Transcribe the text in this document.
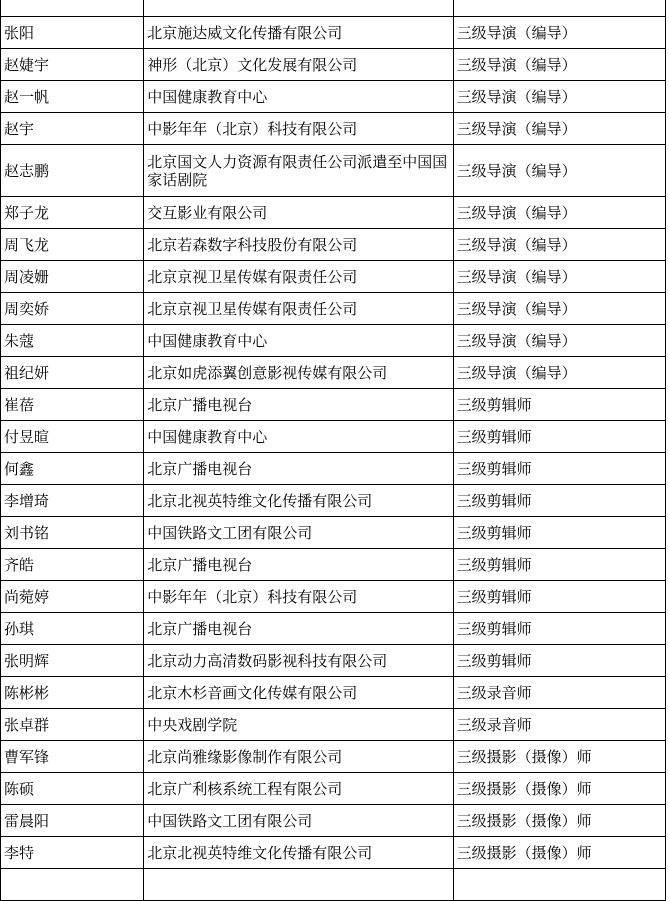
张阳	北京施达威文化传播有限公司	三级导演（编导）
赵婕宇	神形（北京）文化发展有限公司	三级导演（编导）
赵一帆	中国健康教育中心	三级导演（编导）
赵宇	中影年年（北京）科技有限公司	三级导演（编导）
赵志鹏	北京国文人力资源有限责任公司派遣至中国国家话剧院	三级导演（编导）
郑子龙	交互影业有限公司	三级导演（编导）
周飞龙	北京若森数字科技股份有限公司	三级导演（编导）
周凌姗	北京京视卫星传媒有限责任公司	三级导演（编导）
周奕娇	北京京视卫星传媒有限责任公司	三级导演（编导）
朱蔻	中国健康教育中心	三级导演（编导）
祖纪妍	北京如虎添翼创意影视传媒有限公司	三级导演（编导）
崔蓓	北京广播电视台	三级剪辑师
付昱暄	中国健康教育中心	三级剪辑师
何鑫	北京广播电视台	三级剪辑师
李增琦	北京北视英特维文化传播有限公司	三级剪辑师
刘书铭	中国铁路文工团有限公司	三级剪辑师
齐皓	北京广播电视台	三级剪辑师
尚菀婷	中影年年（北京）科技有限公司	三级剪辑师
孙琪	北京广播电视台	三级剪辑师
张明辉	北京动力高清数码影视科技有限公司	三级剪辑师
陈彬彬	北京木杉音画文化传媒有限公司	三级录音师
张卓群	中央戏剧学院	三级录音师
曹军锋	北京尚雅缘影像制作有限公司	三级摄影（摄像）师
陈硕	北京广利核系统工程有限公司	三级摄影（摄像）师
雷晨阳	中国铁路文工团有限公司	三级摄影（摄像）师
李特	北京北视英特维文化传播有限公司	三级摄影（摄像）师
